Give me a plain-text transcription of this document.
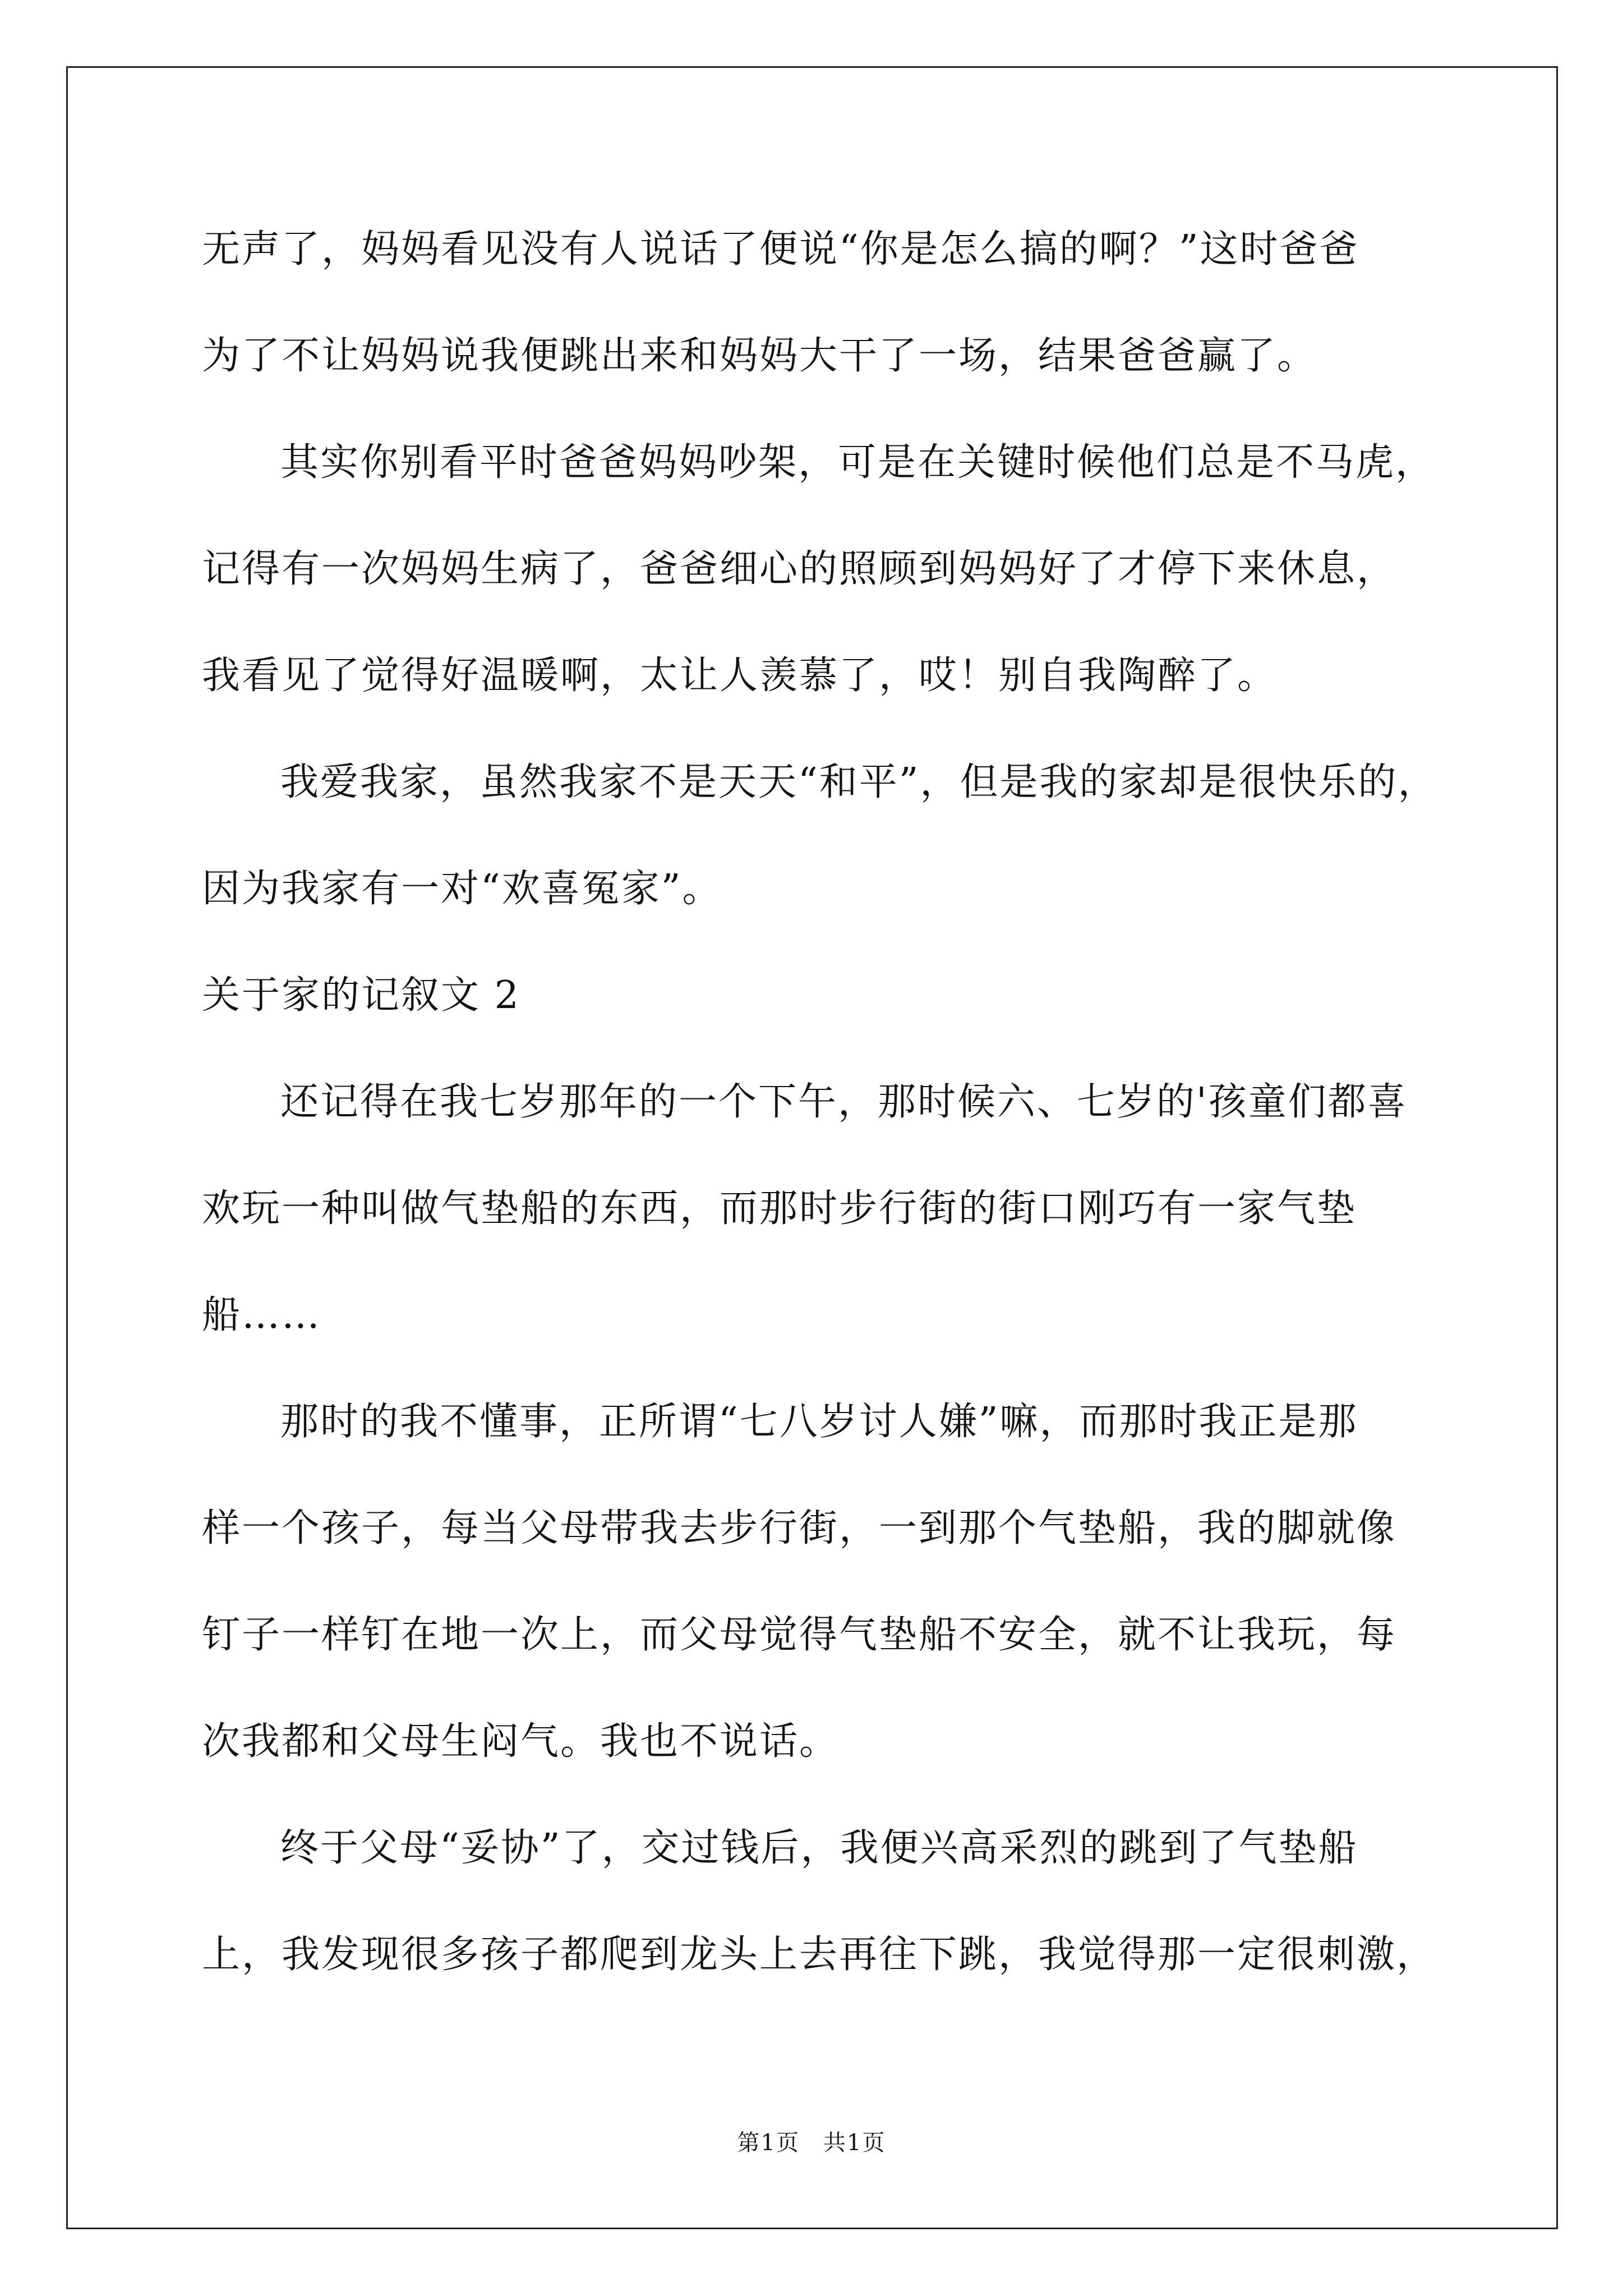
无声了，妈妈看见没有人说话了便说“你是怎么搞的啊？”这时爸爸
为了不让妈妈说我便跳出来和妈妈大干了一场，结果爸爸赢了。
其实你别看平时爸爸妈妈吵架，可是在关键时候他们总是不马虎，
记得有一次妈妈生病了，爸爸细心的照顾到妈妈好了才停下来休息，
我看见了觉得好温暖啊，太让人羡慕了，哎！别自我陶醉了。
我爱我家，虽然我家不是天天“和平”，但是我的家却是很快乐的，
因为我家有一对“欢喜冤家”。
关于家的记叙文 2
还记得在我七岁那年的一个下午，那时候六、七岁的'孩童们都喜
欢玩一种叫做气垫船的东西，而那时步行街的街口刚巧有一家气垫
船……
那时的我不懂事，正所谓“七八岁讨人嫌”嘛，而那时我正是那
样一个孩子，每当父母带我去步行街，一到那个气垫船，我的脚就像
钉子一样钉在地一次上，而父母觉得气垫船不安全，就不让我玩，每
次我都和父母生闷气。我也不说话。
终于父母“妥协”了，交过钱后，我便兴高采烈的跳到了气垫船
上，我发现很多孩子都爬到龙头上去再往下跳，我觉得那一定很刺激，
第1页　共1页
